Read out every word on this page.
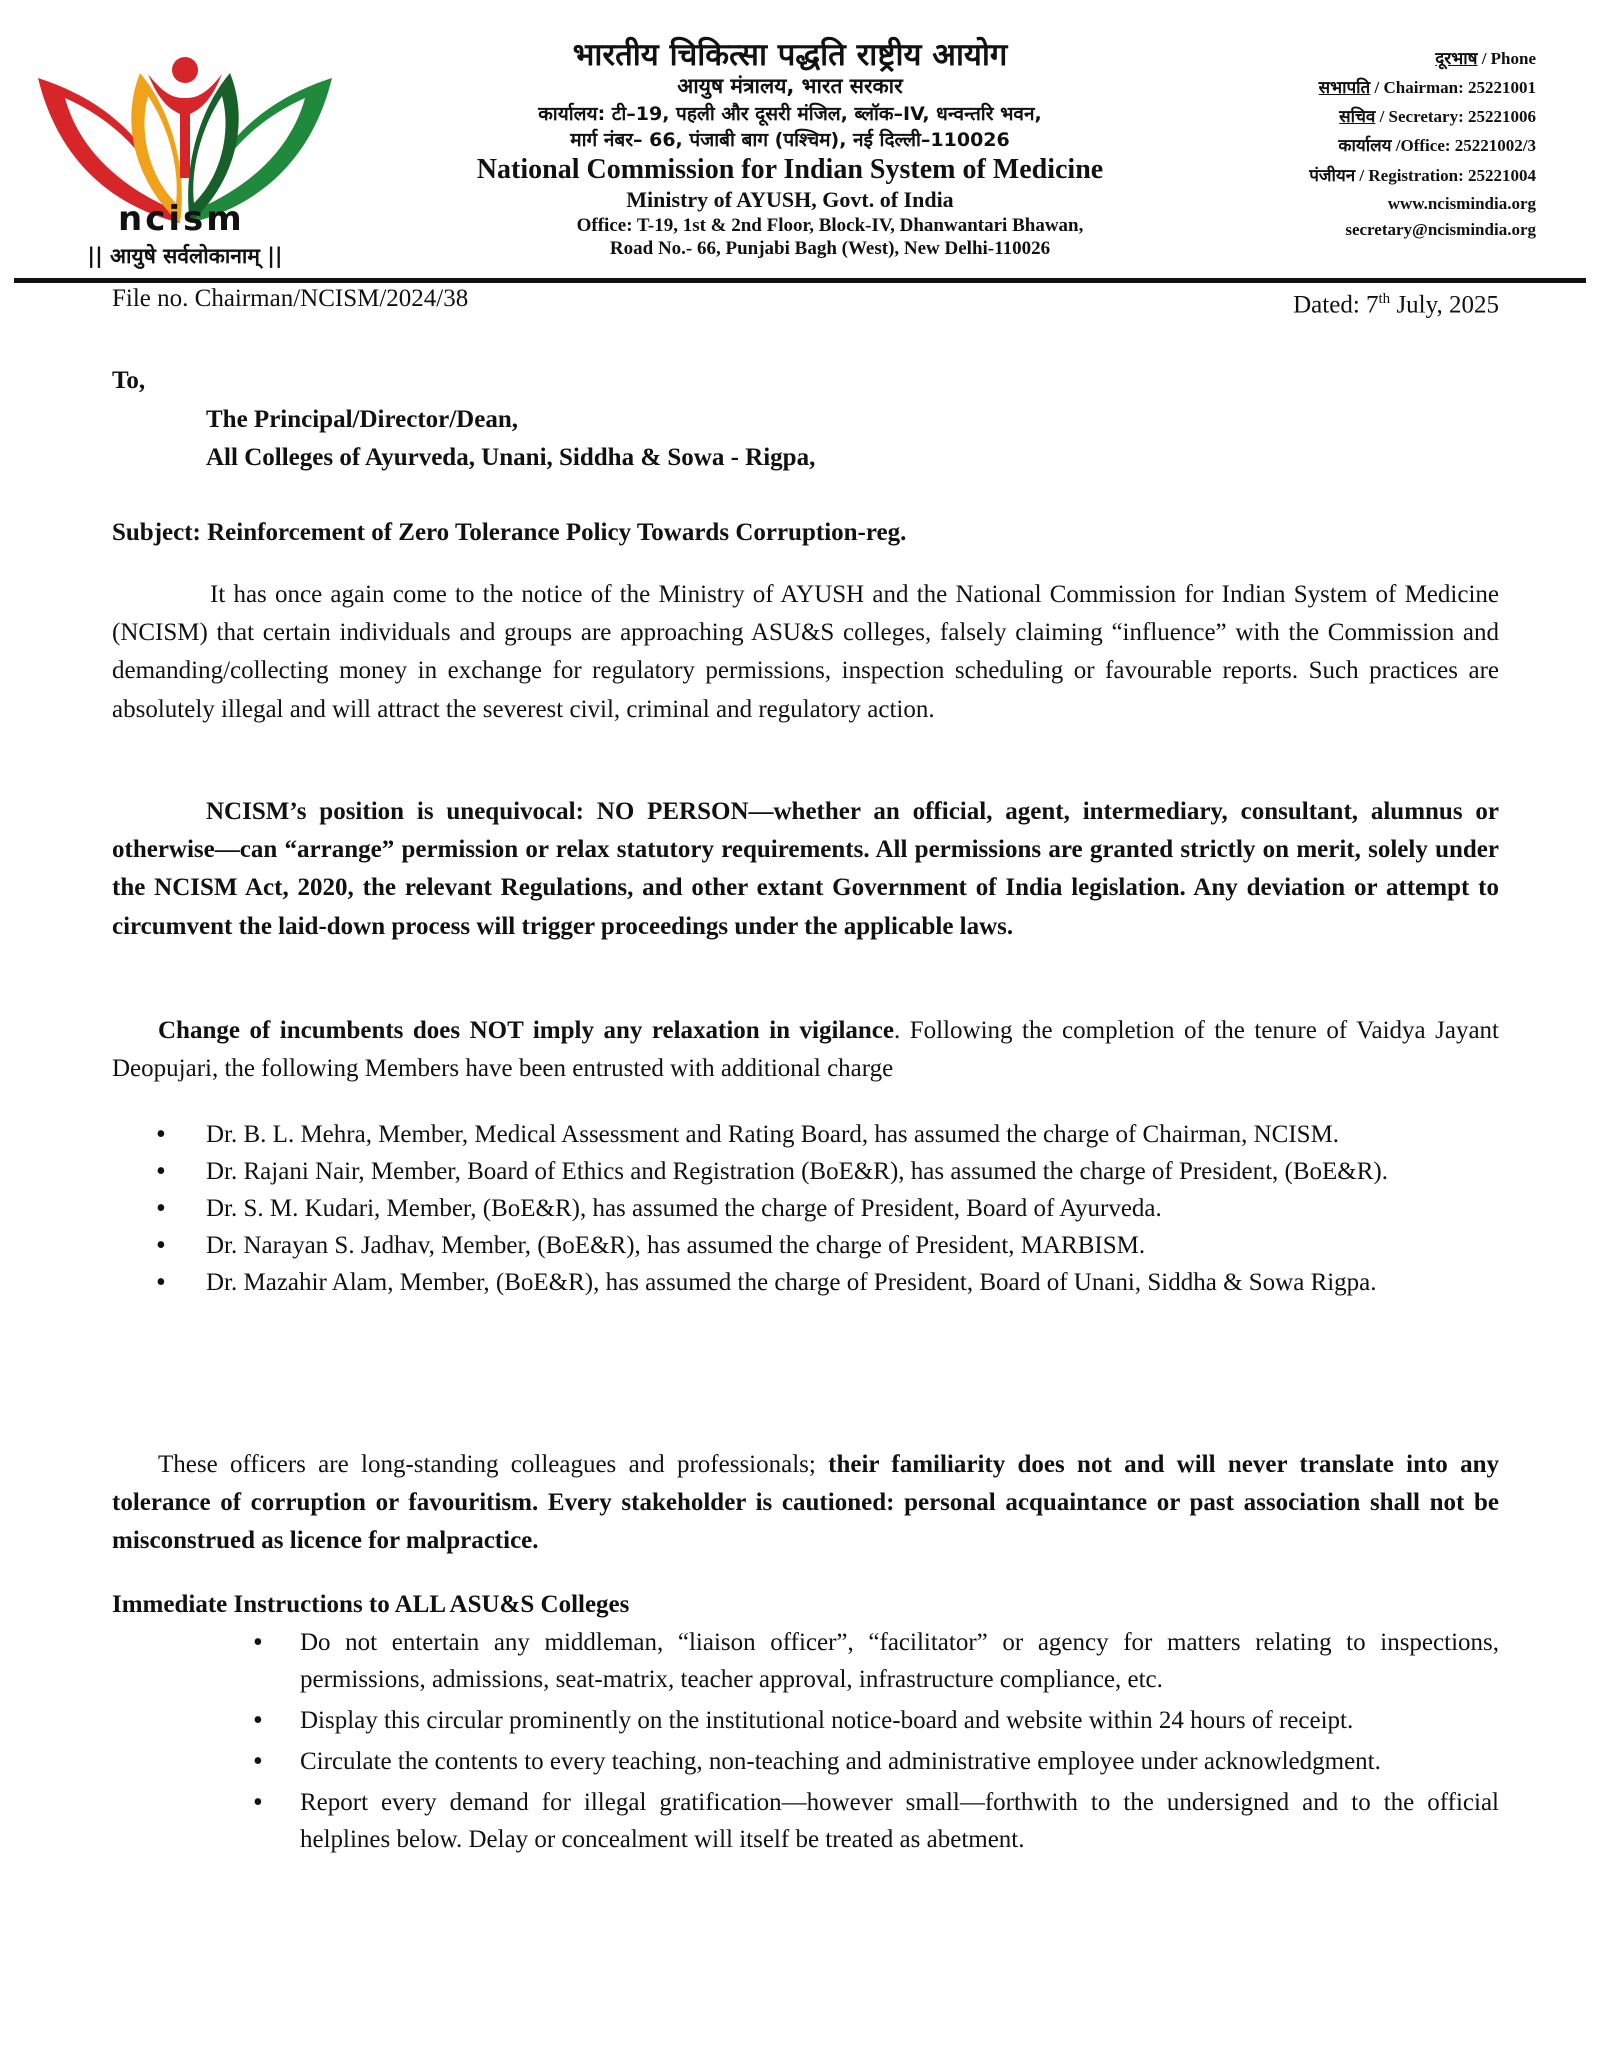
ncism
|| आयुषे सर्वलोकानाम् ||
भारतीय चिकित्सा पद्धति राष्ट्रीय आयोग
आयुष मंत्रालय, भारत सरकार
कार्यालय: टी–19, पहली और दूसरी मंजिल, ब्लॉक–IV, धन्वन्तरि भवन,
मार्ग नंबर– 66, पंजाबी बाग (पश्चिम), नई दिल्ली–110026
National Commission for Indian System of Medicine
Ministry of AYUSH, Govt. of India
Office: T-19, 1st & 2nd Floor, Block-IV, Dhanwantari Bhawan,
Road No.- 66, Punjabi Bagh (West), New Delhi-110026
दूरभाष / Phone
सभापति / Chairman: 25221001
सचिव / Secretary: 25221006
कार्यालय /Office: 25221002/3
पंजीयन / Registration: 25221004
www.ncismindia.org
secretary@ncismindia.org
File no. Chairman/NCISM/2024/38	Dated: 7th July, 2025
To,
The Principal/Director/Dean,
All Colleges of Ayurveda, Unani, Siddha & Sowa - Rigpa,
Subject: Reinforcement of Zero Tolerance Policy Towards Corruption-reg.

It has once again come to the notice of the Ministry of AYUSH and the National Commission for Indian System of Medicine (NCISM) that certain individuals and groups are approaching ASU&S colleges, falsely claiming “influence” with the Commission and demanding/collecting money in exchange for regulatory permissions, inspection scheduling or favourable reports. Such practices are absolutely illegal and will attract the severest civil, criminal and regulatory action.

NCISM’s position is unequivocal: NO PERSON—whether an official, agent, intermediary, consultant, alumnus or otherwise—can “arrange” permission or relax statutory requirements. All permissions are granted strictly on merit, solely under the NCISM Act, 2020, the relevant Regulations, and other extant Government of India legislation. Any deviation or attempt to circumvent the laid-down process will trigger proceedings under the applicable laws.

Change of incumbents does NOT imply any relaxation in vigilance. Following the completion of the tenure of Vaidya Jayant Deopujari, the following Members have been entrusted with additional charge

• Dr. B. L. Mehra, Member, Medical Assessment and Rating Board, has assumed the charge of Chairman, NCISM.
• Dr. Rajani Nair, Member, Board of Ethics and Registration (BoE&R), has assumed the charge of President, (BoE&R).
• Dr. S. M. Kudari, Member, (BoE&R), has assumed the charge of President, Board of Ayurveda.
• Dr. Narayan S. Jadhav, Member, (BoE&R), has assumed the charge of President, MARBISM.
• Dr. Mazahir Alam, Member, (BoE&R), has assumed the charge of President, Board of Unani, Siddha & Sowa Rigpa.

These officers are long-standing colleagues and professionals; their familiarity does not and will never translate into any tolerance of corruption or favouritism. Every stakeholder is cautioned: personal acquaintance or past association shall not be misconstrued as licence for malpractice.

Immediate Instructions to ALL ASU&S Colleges
• Do not entertain any middleman, “liaison officer”, “facilitator” or agency for matters relating to inspections, permissions, admissions, seat-matrix, teacher approval, infrastructure compliance, etc.
• Display this circular prominently on the institutional notice-board and website within 24 hours of receipt.
• Circulate the contents to every teaching, non-teaching and administrative employee under acknowledgment.
• Report every demand for illegal gratification—however small—forthwith to the undersigned and to the official helplines below. Delay or concealment will itself be treated as abetment.
